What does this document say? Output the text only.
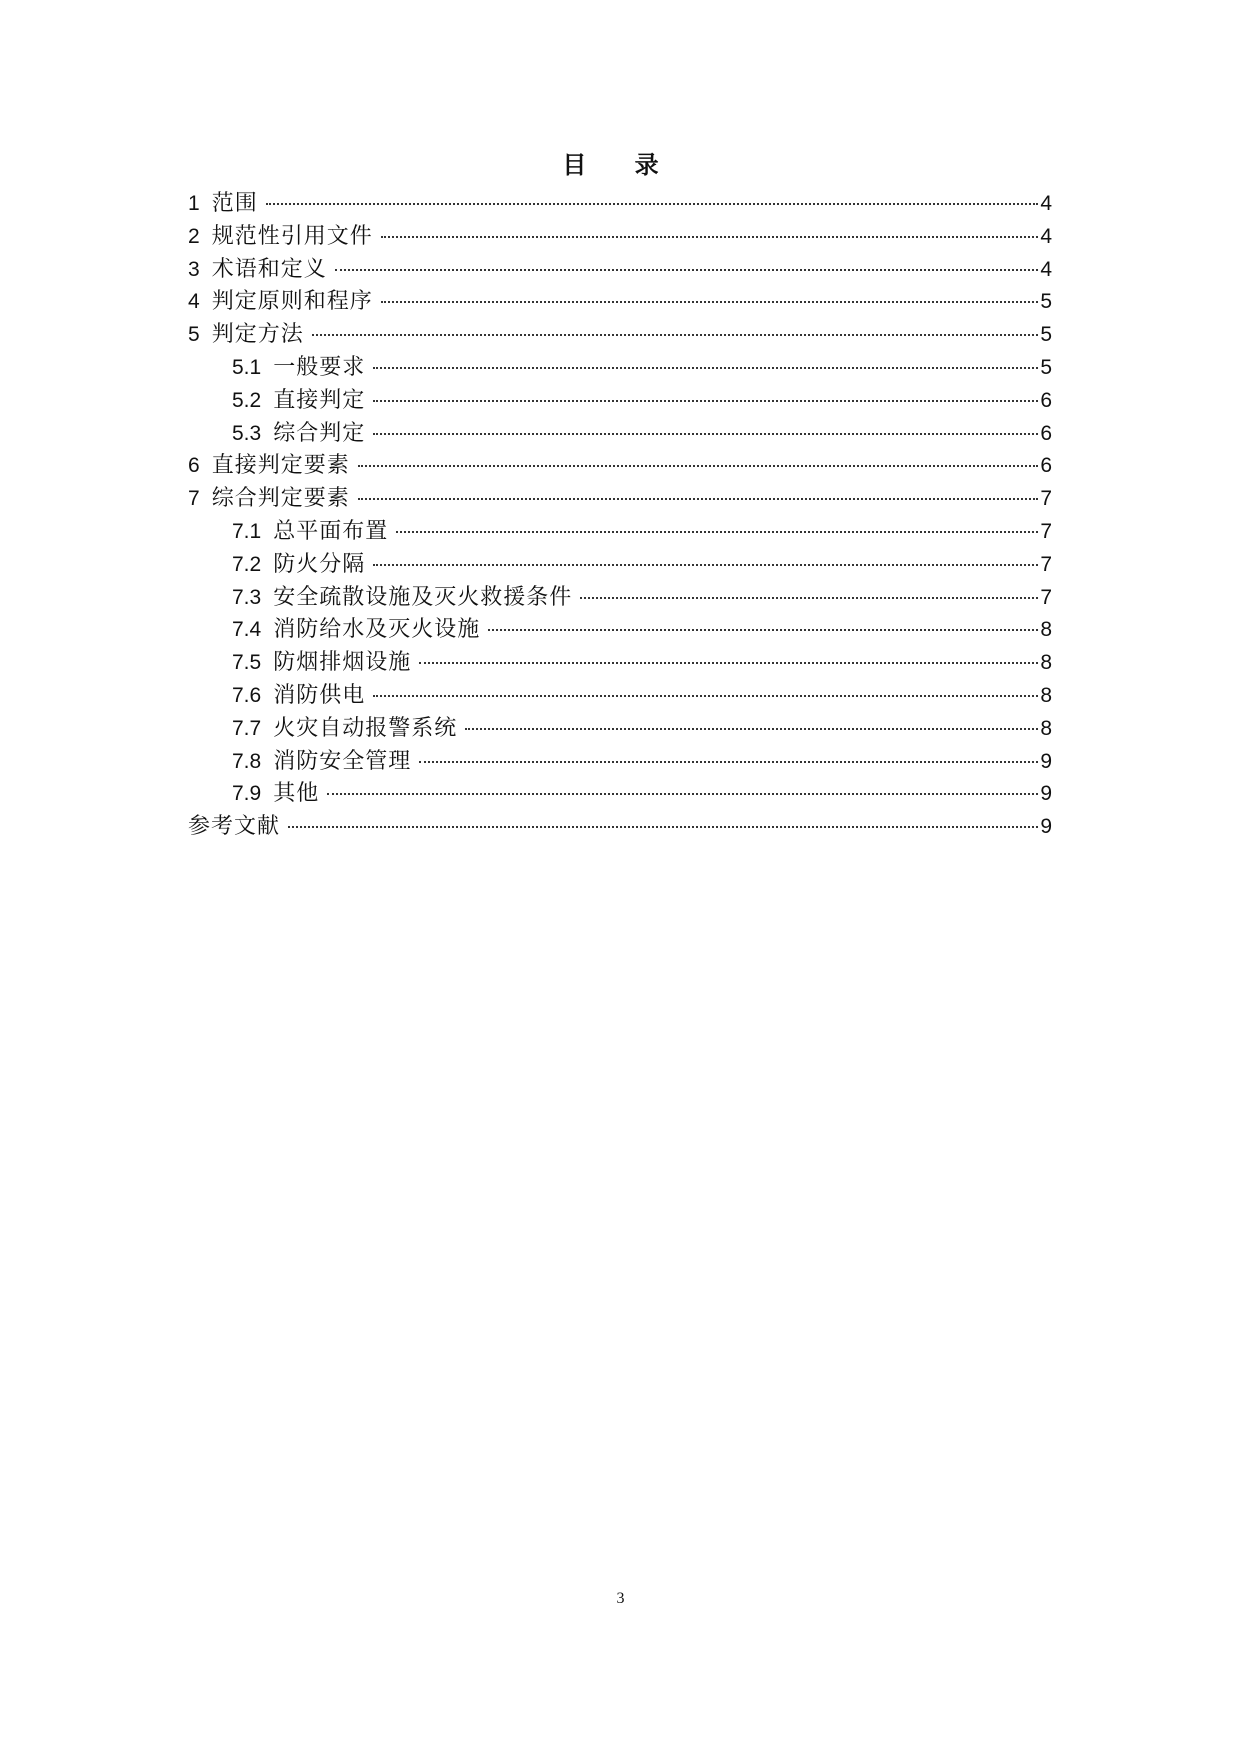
目 录
1 范围	4
2 规范性引用文件	4
3 术语和定义	4
4 判定原则和程序	5
5 判定方法	5
5.1 一般要求	5
5.2 直接判定	6
5.3 综合判定	6
6 直接判定要素	6
7 综合判定要素	7
7.1 总平面布置	7
7.2 防火分隔	7
7.3 安全疏散设施及灭火救援条件	7
7.4 消防给水及灭火设施	8
7.5 防烟排烟设施	8
7.6 消防供电	8
7.7 火灾自动报警系统	8
7.8 消防安全管理	9
7.9 其他	9
参考文献	9
3
